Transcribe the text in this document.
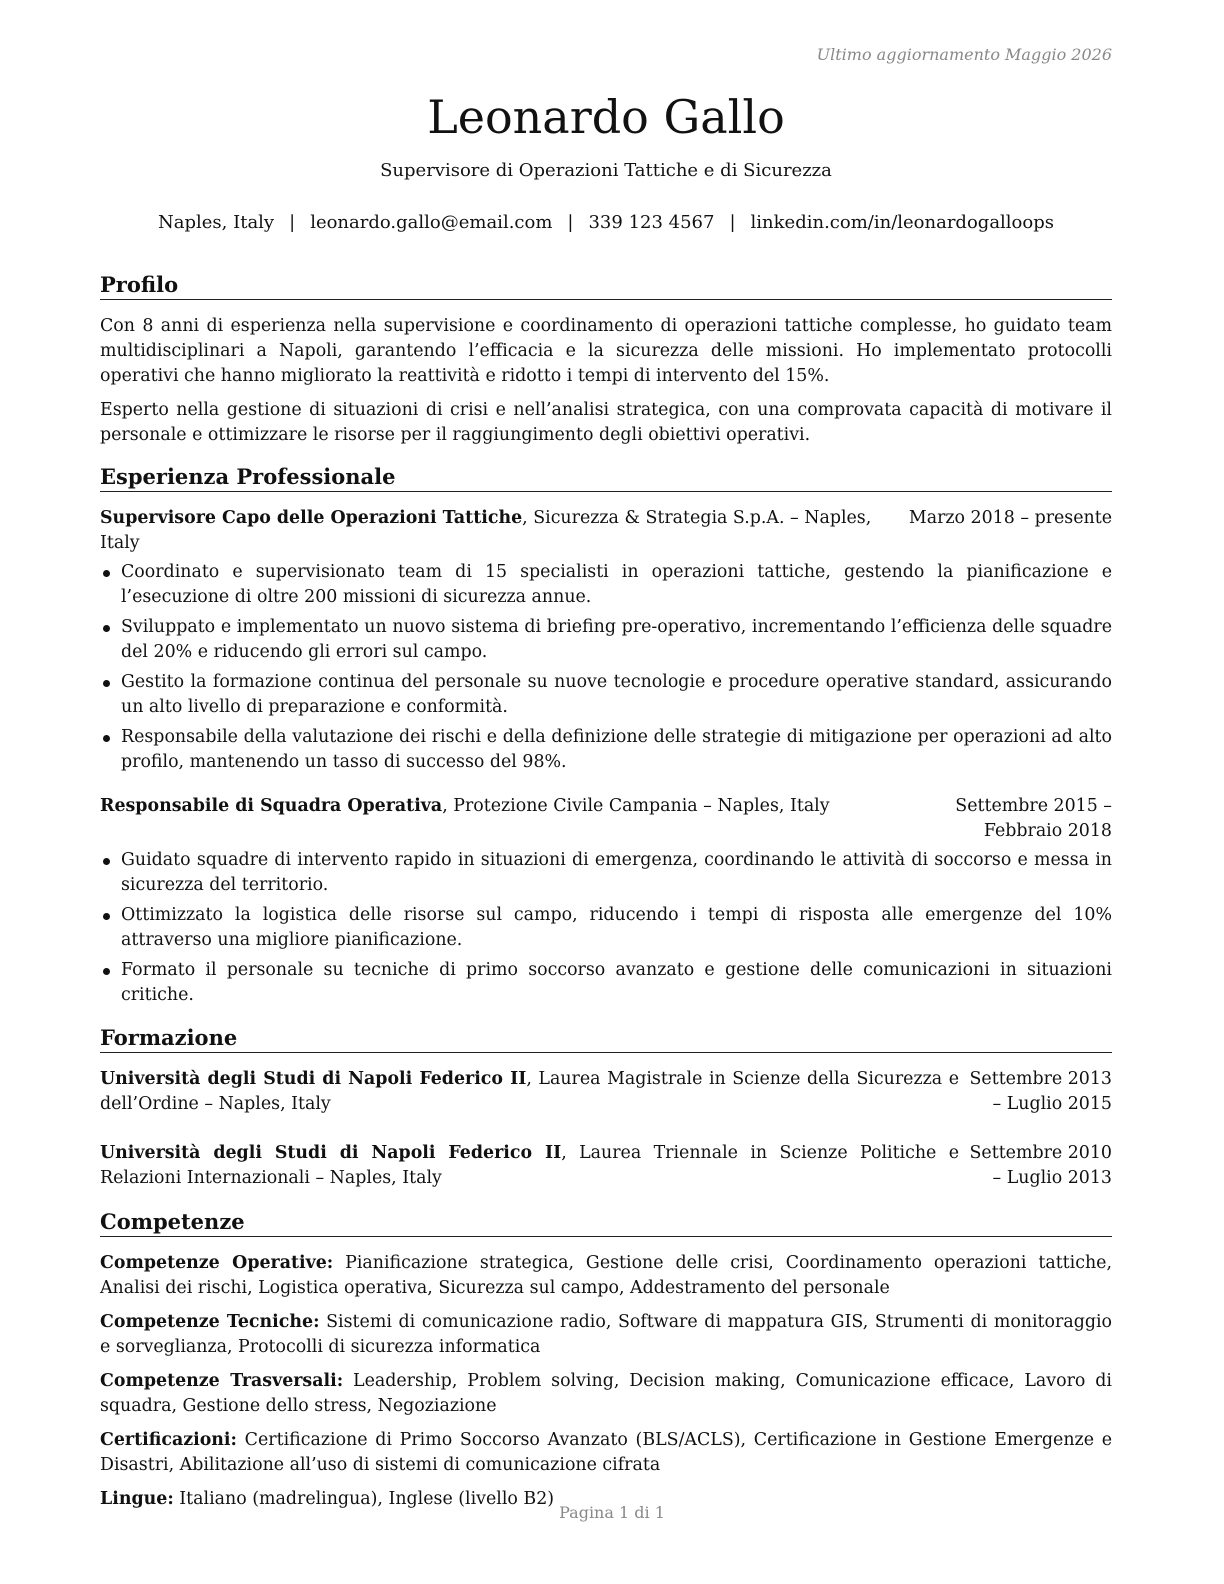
Ultimo aggiornamento Maggio 2026
Leonardo Gallo
Supervisore di Operazioni Tattiche e di Sicurezza
Naples, Italy | leonardo.gallo@email.com | 339 123 4567 | linkedin.com/in/leonardogalloops
Profilo

Con 8 anni di esperienza nella supervisione e coordinamento di operazioni tattiche complesse, ho guidato team multidisciplinari a Napoli, garantendo l’efficacia e la sicurezza delle missioni. Ho implementato protocolli operativi che hanno migliorato la reattività e ridotto i tempi di intervento del 15%.

Esperto nella gestione di situazioni di crisi e nell’analisi strategica, con una comprovata capacità di motivare il personale e ottimizzare le risorse per il raggiungimento degli obiettivi operativi.

Esperienza Professionale
Supervisore Capo delle Operazioni Tattiche, Sicurezza & Strategia S.p.A. – Naples, Italy
Marzo 2018 – presente
Coordinato e supervisionato team di 15 specialisti in operazioni tattiche, gestendo la pianificazione e l’esecuzione di oltre 200 missioni di sicurezza annue.
Sviluppato e implementato un nuovo sistema di briefing pre-operativo, incrementando l’efficienza delle squadre del 20% e riducendo gli errori sul campo.
Gestito la formazione continua del personale su nuove tecnologie e procedure operative standard, assicurando un alto livello di preparazione e conformità.
Responsabile della valutazione dei rischi e della definizione delle strategie di mitigazione per operazioni ad alto profilo, mantenendo un tasso di successo del 98%.
Responsabile di Squadra Operativa, Protezione Civile Campania – Naples, Italy	Settembre 2015 – Febbraio 2018
Guidato squadre di intervento rapido in situazioni di emergenza, coordinando le attività di soccorso e messa in sicurezza del territorio.
Ottimizzato la logistica delle risorse sul campo, riducendo i tempi di risposta alle emergenze del 10% attraverso una migliore pianificazione.
Formato il personale su tecniche di primo soccorso avanzato e gestione delle comunicazioni in situazioni critiche.
Formazione
Università degli Studi di Napoli Federico II, Laurea Magistrale in Scienze della Sicurezza e dell’Ordine – Naples, Italy
Settembre 2013 – Luglio 2015
Università degli Studi di Napoli Federico II, Laurea Triennale in Scienze Politiche e Relazioni Internazionali – Naples, Italy
Settembre 2010 – Luglio 2013
Competenze

Competenze Operative: Pianificazione strategica, Gestione delle crisi, Coordinamento operazioni tattiche, Analisi dei rischi, Logistica operativa, Sicurezza sul campo, Addestramento del personale

Competenze Tecniche: Sistemi di comunicazione radio, Software di mappatura GIS, Strumenti di monitoraggio e sorveglianza, Protocolli di sicurezza informatica

Competenze Trasversali: Leadership, Problem solving, Decision making, Comunicazione efficace, Lavoro di squadra, Gestione dello stress, Negoziazione

Certificazioni: Certificazione di Primo Soccorso Avanzato (BLS/ACLS), Certificazione in Gestione Emergenze e Disastri, Abilitazione all’uso di sistemi di comunicazione cifrata

Lingue: Italiano (madrelingua), Inglese (livello B2)

Pagina 1 di 1
